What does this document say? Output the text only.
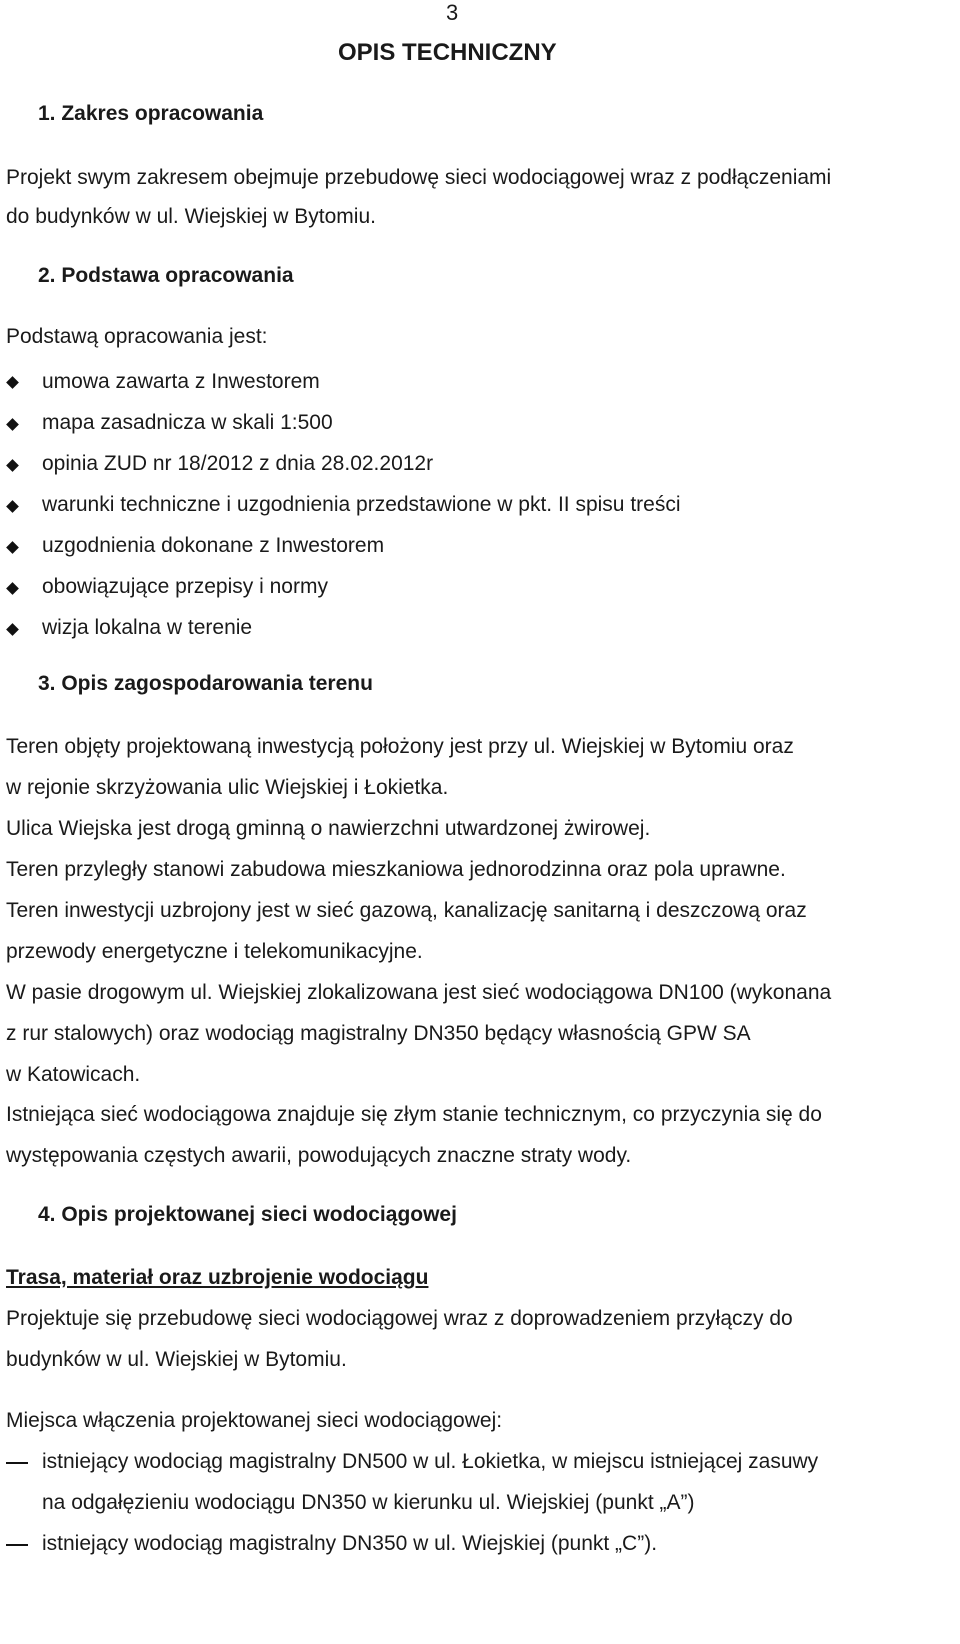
3
OPIS TECHNICZNY
1. Zakres opracowania
Projekt swym zakresem obejmuje przebudowę sieci wodociągowej wraz z podłączeniami
do budynków w ul. Wiejskiej w Bytomiu.
2. Podstawa opracowania
Podstawą opracowania jest:
umowa zawarta z Inwestorem
mapa zasadnicza w skali 1:500
opinia ZUD nr 18/2012 z dnia 28.02.2012r
warunki techniczne i uzgodnienia przedstawione w pkt. II spisu treści
uzgodnienia dokonane z Inwestorem
obowiązujące przepisy i normy
wizja lokalna w terenie
3. Opis zagospodarowania terenu
Teren objęty projektowaną inwestycją położony jest przy ul. Wiejskiej w Bytomiu oraz
w rejonie skrzyżowania ulic Wiejskiej i Łokietka.
Ulica Wiejska jest drogą gminną o nawierzchni utwardzonej żwirowej.
Teren przyległy stanowi zabudowa mieszkaniowa jednorodzinna oraz pola uprawne.
Teren inwestycji uzbrojony jest w sieć gazową, kanalizację sanitarną i deszczową oraz
przewody energetyczne i telekomunikacyjne.
W pasie drogowym ul. Wiejskiej zlokalizowana jest sieć wodociągowa DN100 (wykonana
z rur stalowych) oraz wodociąg magistralny DN350 będący własnością GPW SA
w Katowicach.
Istniejąca sieć wodociągowa znajduje się złym stanie technicznym, co przyczynia się do
występowania częstych awarii, powodujących znaczne straty wody.
4. Opis projektowanej sieci wodociągowej
Trasa, materiał oraz uzbrojenie wodociągu
Projektuje się przebudowę sieci wodociągowej wraz z doprowadzeniem przyłączy do
budynków w ul. Wiejskiej w Bytomiu.
Miejsca włączenia projektowanej sieci wodociągowej:
istniejący wodociąg magistralny DN500 w ul. Łokietka, w miejscu istniejącej zasuwy
na odgałęzieniu wodociągu DN350 w kierunku ul. Wiejskiej (punkt „A”)
istniejący wodociąg magistralny DN350 w ul. Wiejskiej (punkt „C”).
